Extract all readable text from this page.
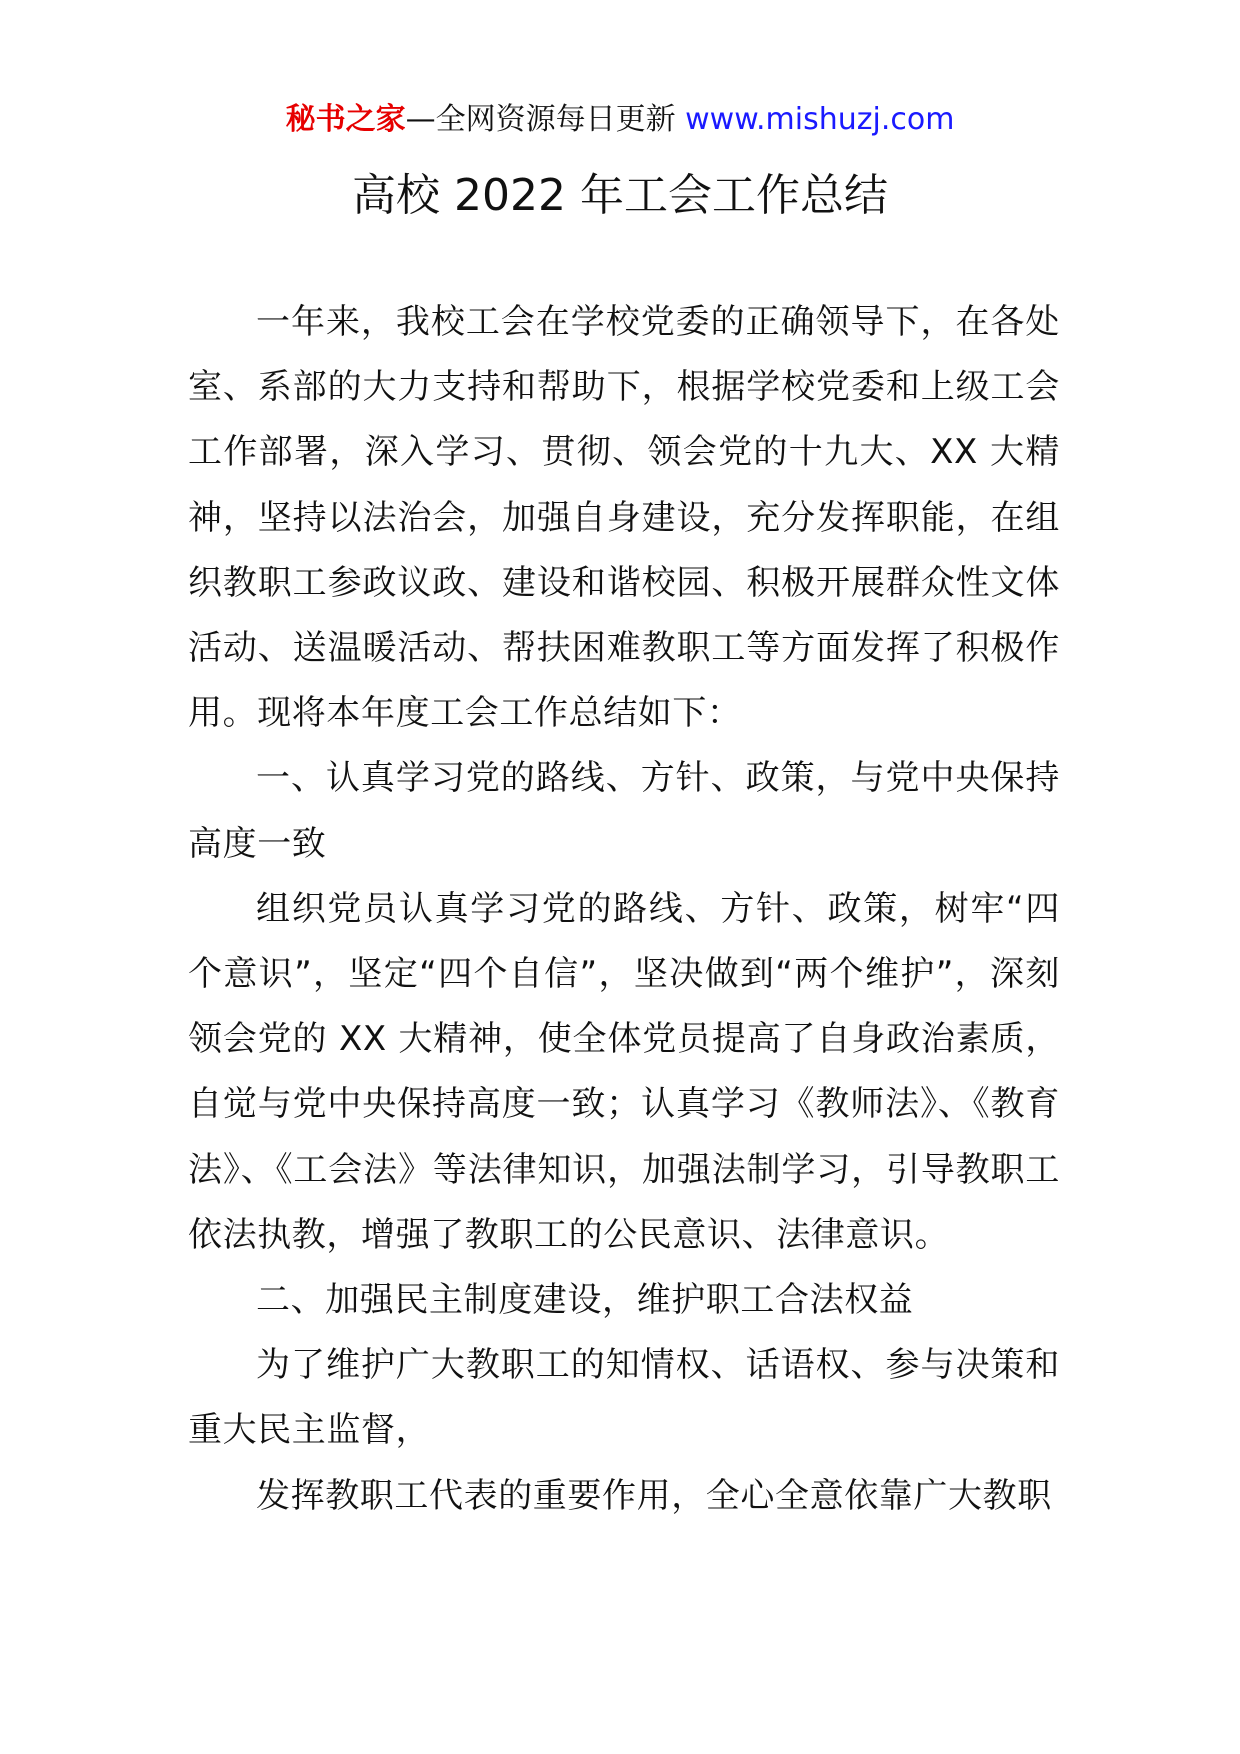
秘书之家—全网资源每日更新 www.mishuzj.com
高校 2022 年工会工作总结

一年来，我校工会在学校党委的正确领导下，在各处室、系部的大力支持和帮助下，根据学校党委和上级工会工作部署，深入学习、贯彻、领会党的十九大、XX 大精神，坚持以法治会，加强自身建设，充分发挥职能，在组织教职工参政议政、建设和谐校园、积极开展群众性文体活动、送温暖活动、帮扶困难教职工等方面发挥了积极作用。现将本年度工会工作总结如下：

一、认真学习党的路线、方针、政策，与党中央保持高度一致

组织党员认真学习党的路线、方针、政策，树牢“四个意识”，坚定“四个自信”，坚决做到“两个维护”，深刻领会党的 XX 大精神，使全体党员提高了自身政治素质，自觉与党中央保持高度一致；认真学习《教师法》、《教育法》、《工会法》等法律知识，加强法制学习，引导教职工依法执教，增强了教职工的公民意识、法律意识。

二、加强民主制度建设，维护职工合法权益

为了维护广大教职工的知情权、话语权、参与决策和重大民主监督，

发挥教职工代表的重要作用，全心全意依靠广大教职
